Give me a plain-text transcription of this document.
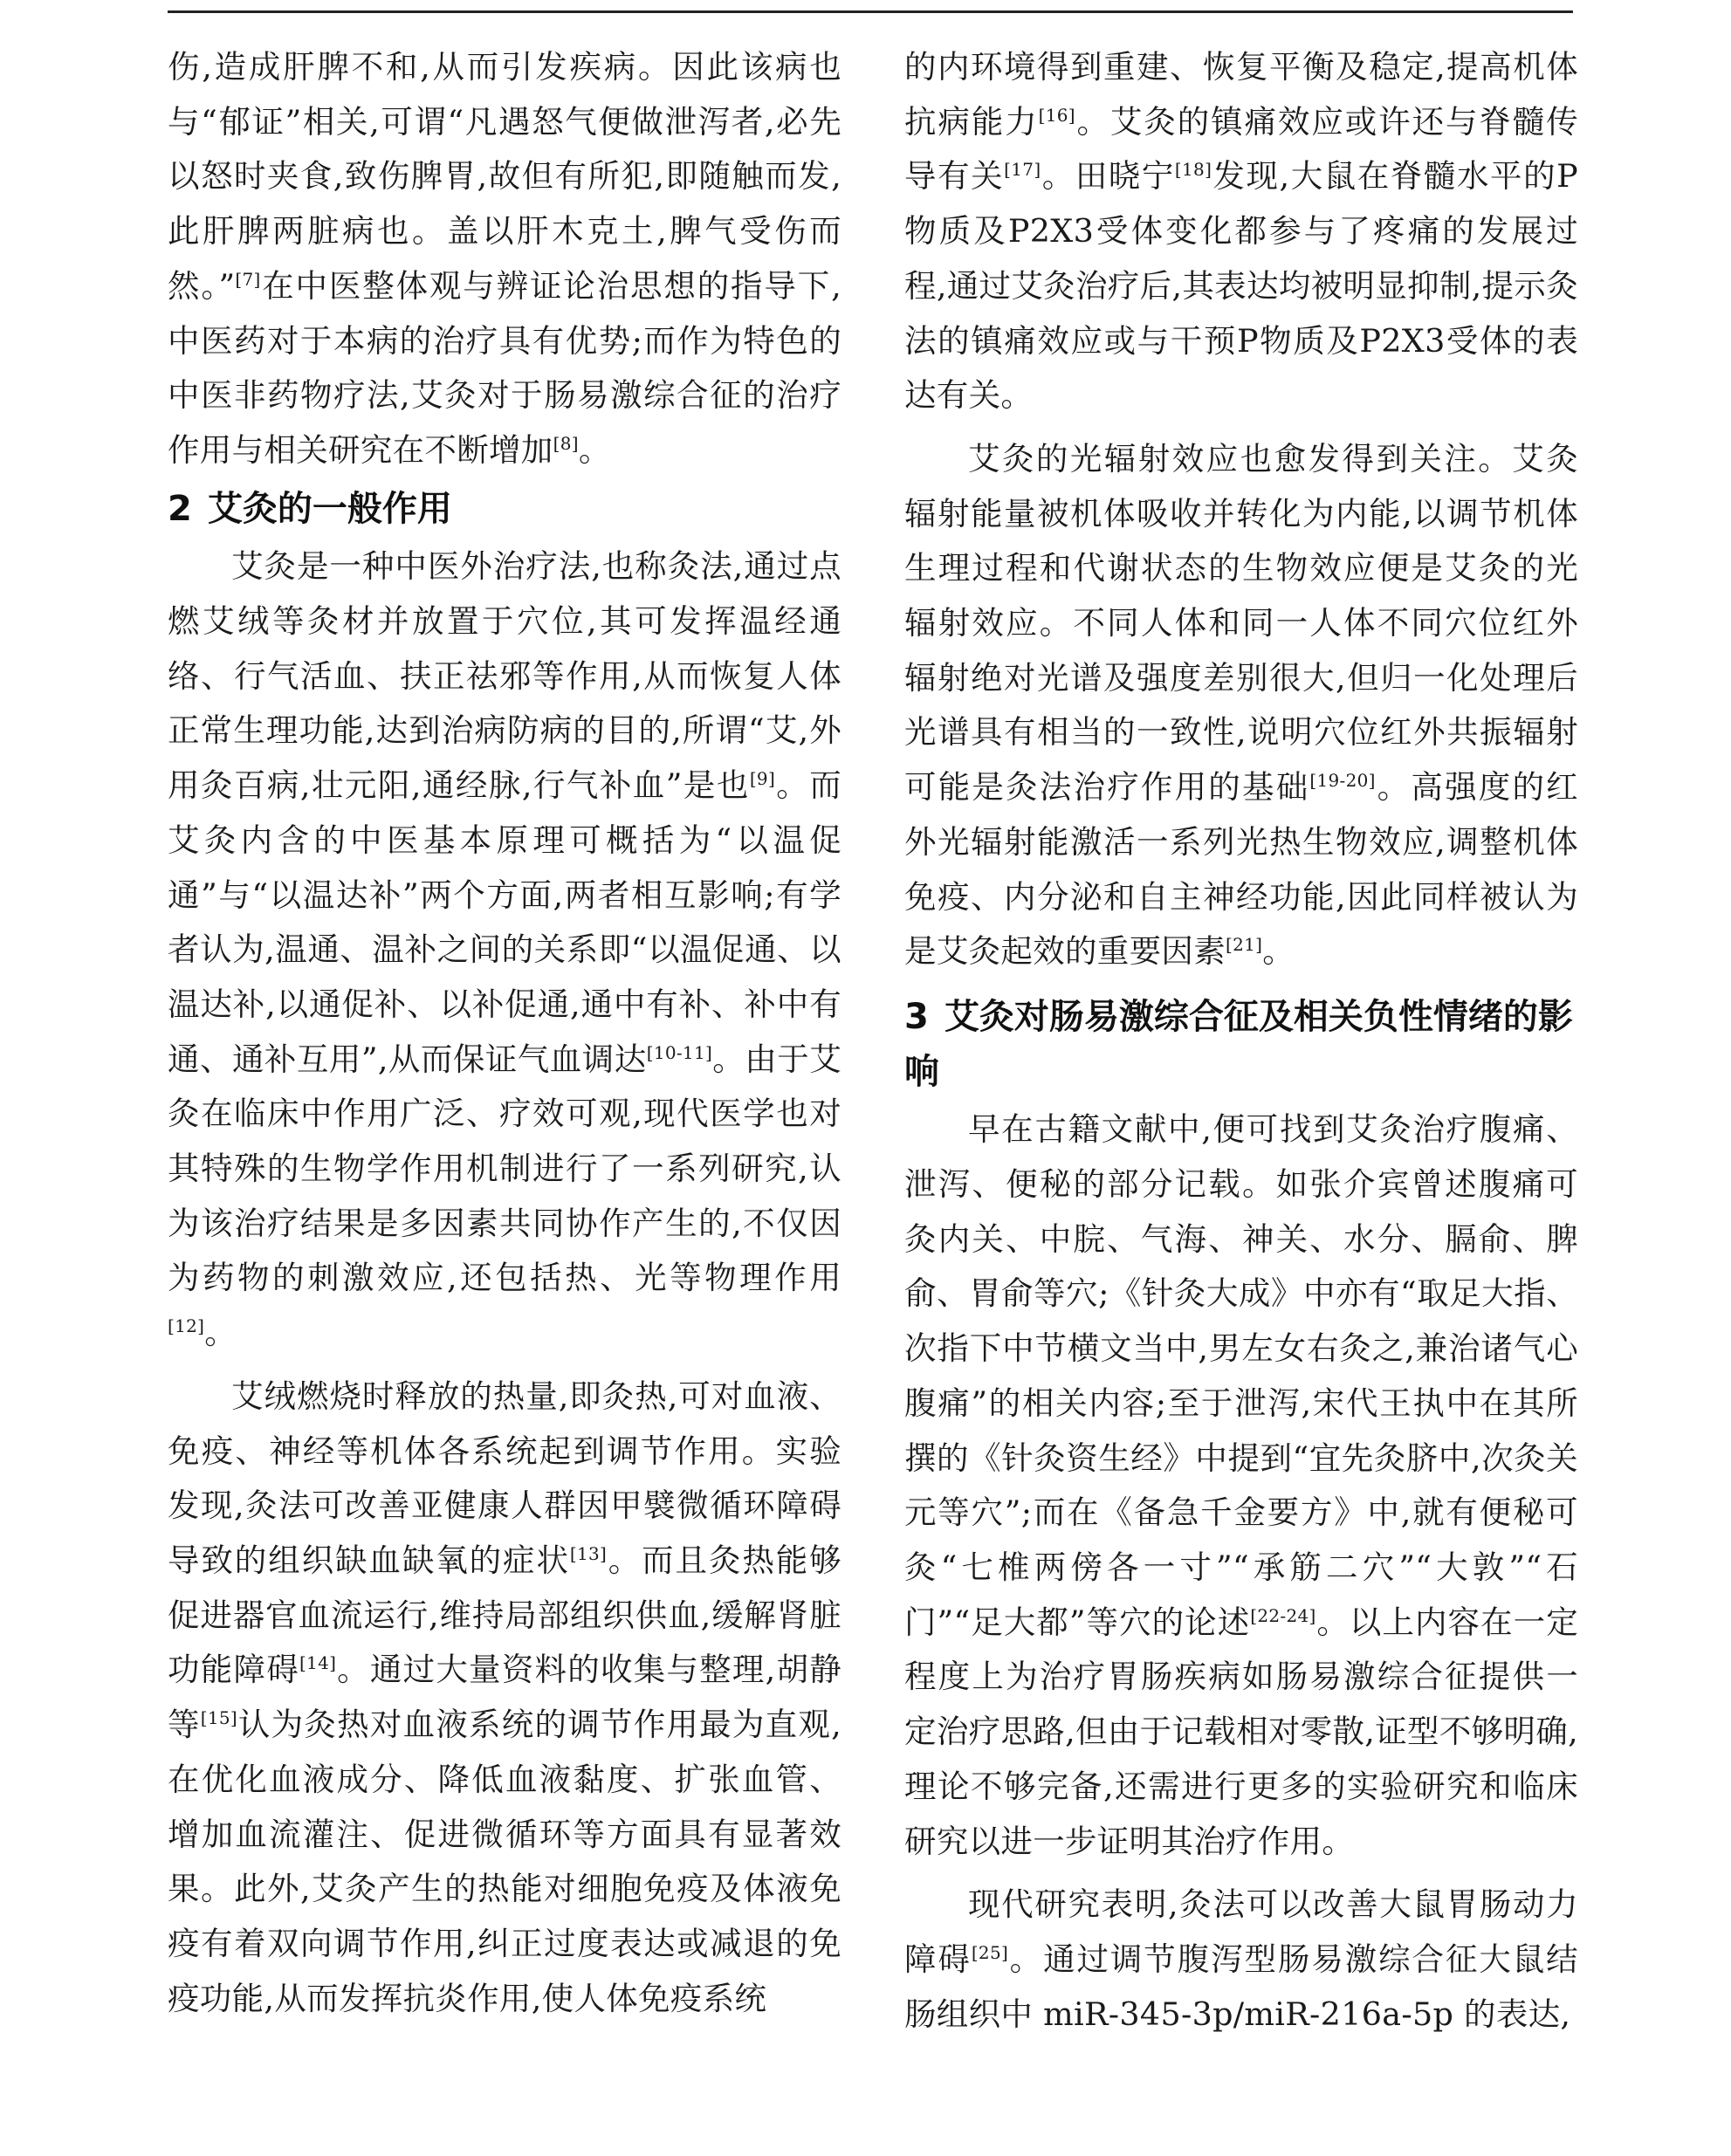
伤,造成肝脾不和,从而引发疾病。因此该病也与“郁证”相关,可谓“凡遇怒气便做泄泻者,必先以怒时夹食,致伤脾胃,故但有所犯,即随触而发,此肝脾两脏病也。盖以肝木克土,脾气受伤而然。”[7]在中医整体观与辨证论治思想的指导下,中医药对于本病的治疗具有优势;而作为特色的中医非药物疗法,艾灸对于肠易激综合征的治疗作用与相关研究在不断增加[8]。

2 艾灸的一般作用

艾灸是一种中医外治疗法,也称灸法,通过点燃艾绒等灸材并放置于穴位,其可发挥温经通络、行气活血、扶正祛邪等作用,从而恢复人体正常生理功能,达到治病防病的目的,所谓“艾,外用灸百病,壮元阳,通经脉,行气补血”是也[9]。而艾灸内含的中医基本原理可概括为“以温促通”与“以温达补”两个方面,两者相互影响;有学者认为,温通、温补之间的关系即“以温促通、以温达补,以通促补、以补促通,通中有补、补中有通、通补互用”,从而保证气血调达[10-11]。由于艾灸在临床中作用广泛、疗效可观,现代医学也对其特殊的生物学作用机制进行了一系列研究,认为该治疗结果是多因素共同协作产生的,不仅因为药物的刺激效应,还包括热、光等物理作用[12]。

艾绒燃烧时释放的热量,即灸热,可对血液、免疫、神经等机体各系统起到调节作用。实验发现,灸法可改善亚健康人群因甲襞微循环障碍导致的组织缺血缺氧的症状[13]。而且灸热能够促进器官血流运行,维持局部组织供血,缓解肾脏功能障碍[14]。通过大量资料的收集与整理,胡静等[15]认为灸热对血液系统的调节作用最为直观,在优化血液成分、降低血液黏度、扩张血管、增加血流灌注、促进微循环等方面具有显著效果。此外,艾灸产生的热能对细胞免疫及体液免疫有着双向调节作用,纠正过度表达或减退的免疫功能,从而发挥抗炎作用,使人体免疫系统

的内环境得到重建、恢复平衡及稳定,提高机体抗病能力[16]。艾灸的镇痛效应或许还与脊髓传导有关[17]。田晓宁[18]发现,大鼠在脊髓水平的P物质及P2X3受体变化都参与了疼痛的发展过程,通过艾灸治疗后,其表达均被明显抑制,提示灸法的镇痛效应或与干预P物质及P2X3受体的表达有关。

艾灸的光辐射效应也愈发得到关注。艾灸辐射能量被机体吸收并转化为内能,以调节机体生理过程和代谢状态的生物效应便是艾灸的光辐射效应。不同人体和同一人体不同穴位红外辐射绝对光谱及强度差别很大,但归一化处理后光谱具有相当的一致性,说明穴位红外共振辐射可能是灸法治疗作用的基础[19-20]。高强度的红外光辐射能激活一系列光热生物效应,调整机体免疫、内分泌和自主神经功能,因此同样被认为是艾灸起效的重要因素[21]。

3 艾灸对肠易激综合征及相关负性情绪的影响

早在古籍文献中,便可找到艾灸治疗腹痛、泄泻、便秘的部分记载。如张介宾曾述腹痛可灸内关、中脘、气海、神关、水分、膈俞、脾俞、胃俞等穴;《针灸大成》中亦有“取足大指、次指下中节横文当中,男左女右灸之,兼治诸气心腹痛”的相关内容;至于泄泻,宋代王执中在其所撰的《针灸资生经》中提到“宜先灸脐中,次灸关元等穴”;而在《备急千金要方》中,就有便秘可灸“七椎两傍各一寸”“承筋二穴”“大敦”“石门”“足大都”等穴的论述[22-24]。以上内容在一定程度上为治疗胃肠疾病如肠易激综合征提供一定治疗思路,但由于记载相对零散,证型不够明确,理论不够完备,还需进行更多的实验研究和临床研究以进一步证明其治疗作用。

现代研究表明,灸法可以改善大鼠胃肠动力障碍[25]。通过调节腹泻型肠易激综合征大鼠结肠组织中 miR-345-3p/miR-216a-5p 的表达,
